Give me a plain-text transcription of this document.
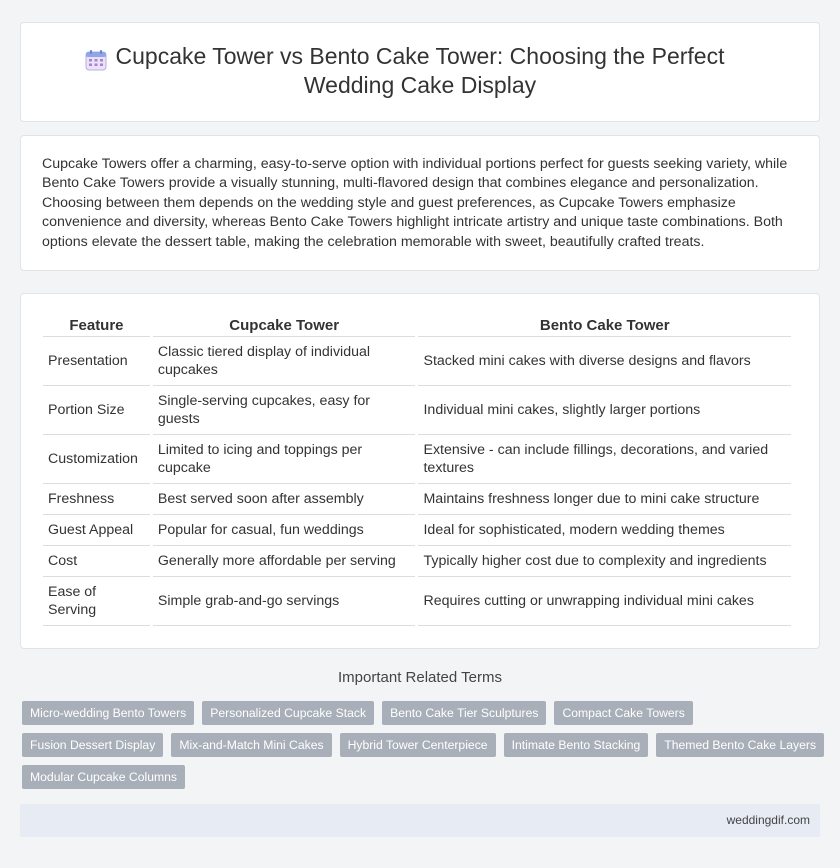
Cupcake Tower vs Bento Cake Tower: Choosing the Perfect Wedding Cake Display

Cupcake Towers offer a charming, easy-to-serve option with individual portions perfect for guests seeking variety, while Bento Cake Towers provide a visually stunning, multi-flavored design that combines elegance and personalization. Choosing between them depends on the wedding style and guest preferences, as Cupcake Towers emphasize convenience and diversity, whereas Bento Cake Towers highlight intricate artistry and unique taste combinations. Both options elevate the dessert table, making the celebration memorable with sweet, beautifully crafted treats.

Feature	Cupcake Tower	Bento Cake Tower
Presentation	Classic tiered display of individual cupcakes	Stacked mini cakes with diverse designs and flavors
Portion Size	Single-serving cupcakes, easy for guests	Individual mini cakes, slightly larger portions
Customization	Limited to icing and toppings per cupcake	Extensive - can include fillings, decorations, and varied textures
Freshness	Best served soon after assembly	Maintains freshness longer due to mini cake structure
Guest Appeal	Popular for casual, fun weddings	Ideal for sophisticated, modern wedding themes
Cost	Generally more affordable per serving	Typically higher cost due to complexity and ingredients
Ease of Serving	Simple grab-and-go servings	Requires cutting or unwrapping individual mini cakes
Important Related Terms
Micro-wedding Bento Towers	Personalized Cupcake Stack	Bento Cake Tier Sculptures	Compact Cake Towers
Fusion Dessert Display	Mix-and-Match Mini Cakes	Hybrid Tower Centerpiece	Intimate Bento Stacking	Themed Bento Cake Layers
Modular Cupcake Columns
weddingdif.com
